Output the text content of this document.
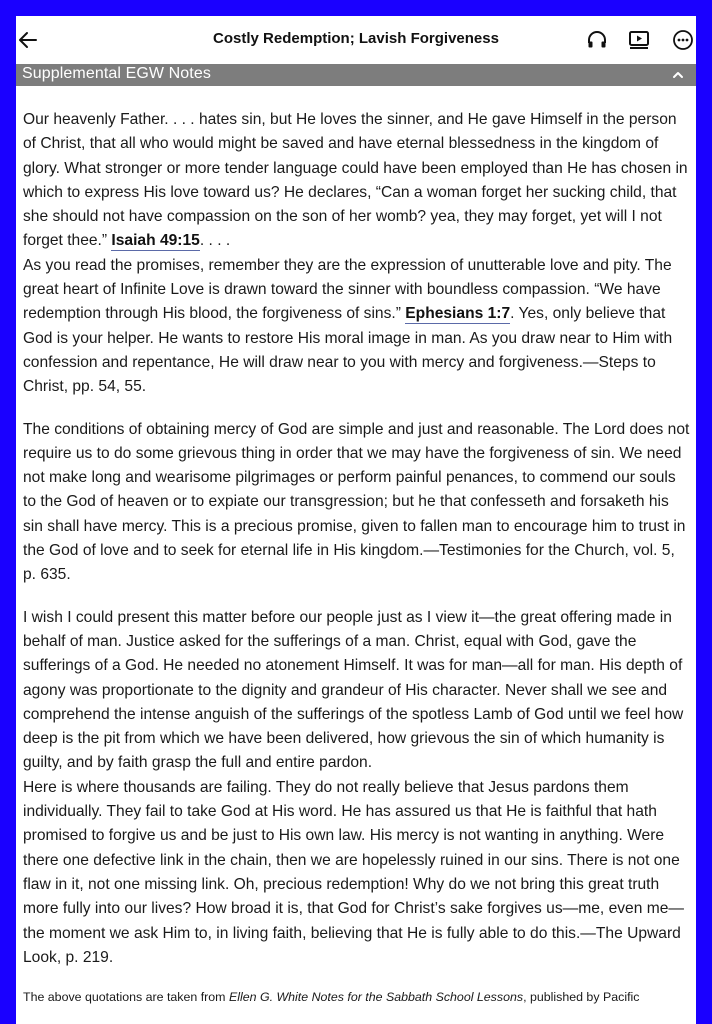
Costly Redemption; Lavish Forgiveness
Supplemental EGW Notes

Our heavenly Father. . . . hates sin, but He loves the sinner, and He gave Himself in the person of Christ, that all who would might be saved and have eternal blessedness in the kingdom of glory. What stronger or more tender language could have been employed than He has chosen in which to express His love toward us? He declares, “Can a woman forget her sucking child, that she should not have compassion on the son of her womb? yea, they may forget, yet will I not forget thee.” Isaiah 49:15. . . .

As you read the promises, remember they are the expression of unutterable love and pity. The great heart of Infinite Love is drawn toward the sinner with boundless compassion. “We have redemption through His blood, the forgiveness of sins.” Ephesians 1:7. Yes, only believe that God is your helper. He wants to restore His moral image in man. As you draw near to Him with confession and repentance, He will draw near to you with mercy and forgiveness.—Steps to Christ, pp. 54, 55.

The conditions of obtaining mercy of God are simple and just and reasonable. The Lord does not require us to do some grievous thing in order that we may have the forgiveness of sin. We need not make long and wearisome pilgrimages or perform painful penances, to commend our souls to the God of heaven or to expiate our transgression; but he that confesseth and forsaketh his sin shall have mercy. This is a precious promise, given to fallen man to encourage him to trust in the God of love and to seek for eternal life in His kingdom.—Testimonies for the Church, vol. 5, p. 635.

I wish I could present this matter before our people just as I view it—the great offering made in behalf of man. Justice asked for the sufferings of a man. Christ, equal with God, gave the sufferings of a God. He needed no atonement Himself. It was for man—all for man. His depth of agony was proportionate to the dignity and grandeur of His character. Never shall we see and comprehend the intense anguish of the sufferings of the spotless Lamb of God until we feel how deep is the pit from which we have been delivered, how grievous the sin of which humanity is guilty, and by faith grasp the full and entire pardon.

Here is where thousands are failing. They do not really believe that Jesus pardons them individually. They fail to take God at His word. He has assured us that He is faithful that hath promised to forgive us and be just to His own law. His mercy is not wanting in anything. Were there one defective link in the chain, then we are hopelessly ruined in our sins. There is not one flaw in it, not one missing link. Oh, precious redemption! Why do we not bring this great truth more fully into our lives? How broad it is, that God for Christ’s sake forgives us—me, even me—the moment we ask Him to, in living faith, believing that He is fully able to do this.—The Upward Look, p. 219.

The above quotations are taken from Ellen G. White Notes for the Sabbath School Lessons, published by Pacific
